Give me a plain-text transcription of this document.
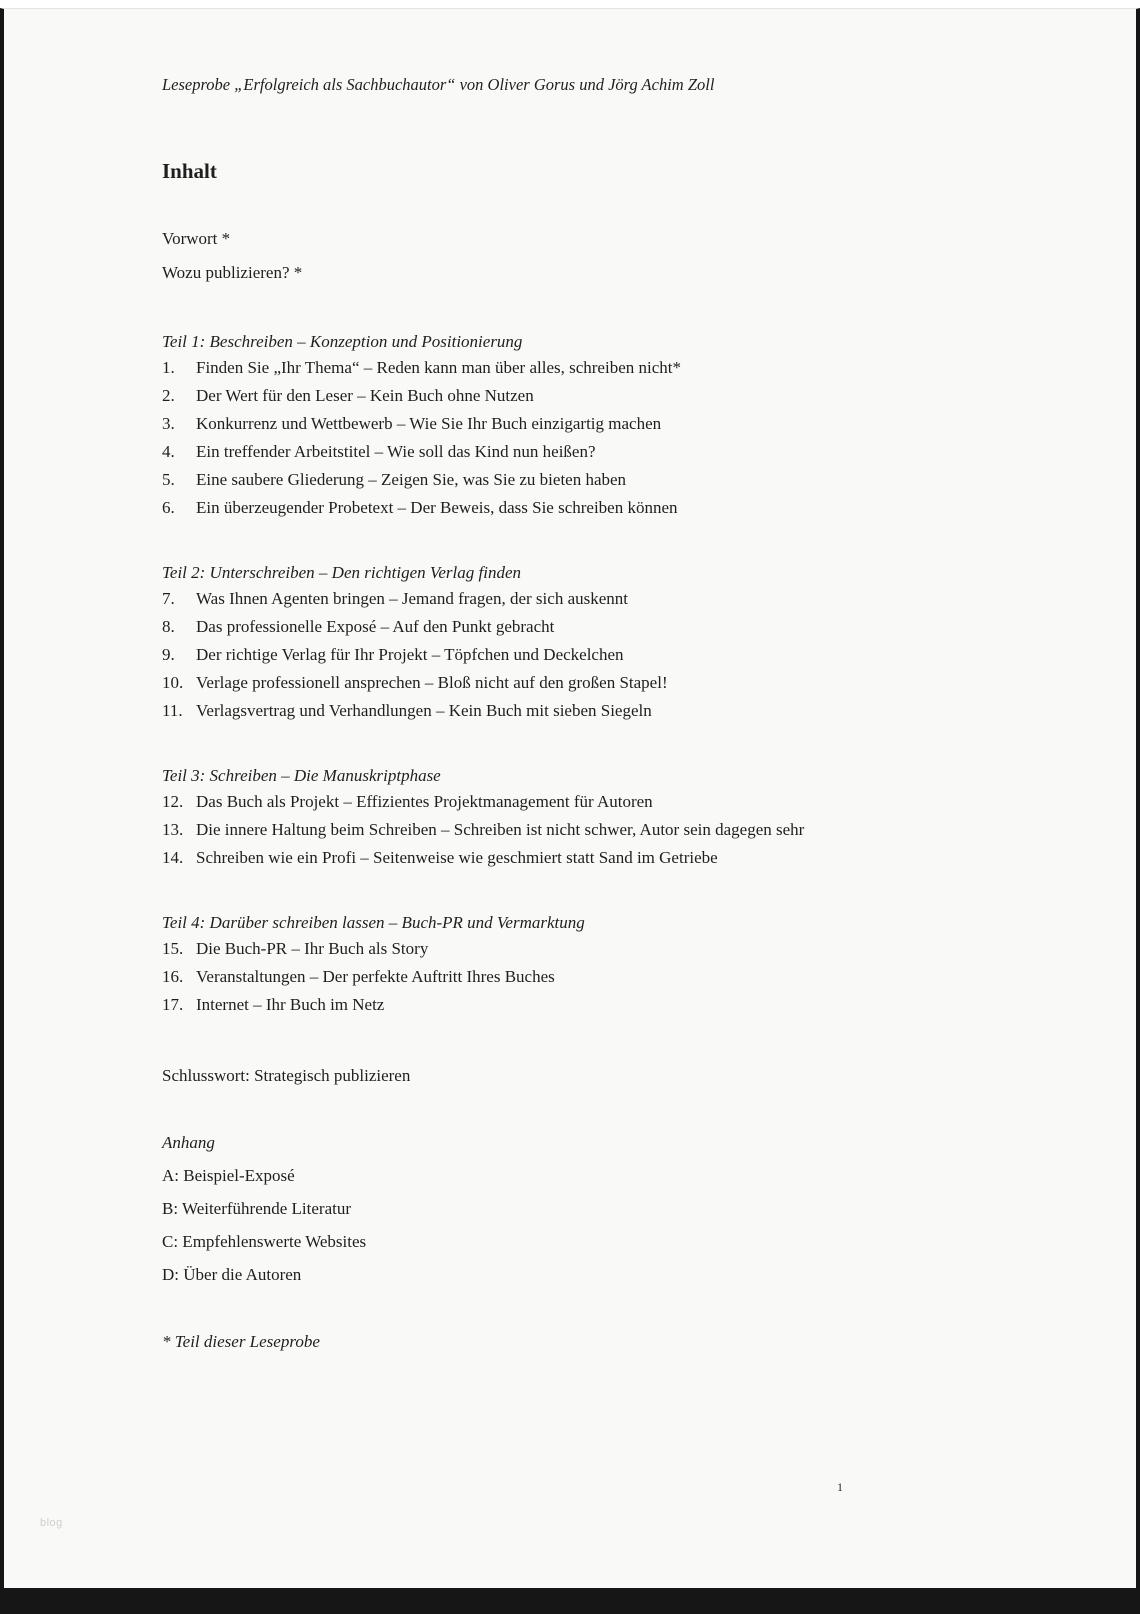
Leseprobe „Erfolgreich als Sachbuchautor“ von Oliver Gorus und Jörg Achim Zoll

Inhalt

Vorwort *

Wozu publizieren? *

Teil 1: Beschreiben – Konzeption und Positionierung
1.	Finden Sie „Ihr Thema“ – Reden kann man über alles, schreiben nicht*
2.	Der Wert für den Leser – Kein Buch ohne Nutzen
3.	Konkurrenz und Wettbewerb – Wie Sie Ihr Buch einzigartig machen
4.	Ein treffender Arbeitstitel – Wie soll das Kind nun heißen?
5.	Eine saubere Gliederung – Zeigen Sie, was Sie zu bieten haben
6.	Ein überzeugender Probetext – Der Beweis, dass Sie schreiben können
Teil 2: Unterschreiben – Den richtigen Verlag finden
7.	Was Ihnen Agenten bringen – Jemand fragen, der sich auskennt
8.	Das professionelle Exposé – Auf den Punkt gebracht
9.	Der richtige Verlag für Ihr Projekt – Töpfchen und Deckelchen
10. Verlage professionell ansprechen – Bloß nicht auf den großen Stapel!
11. Verlagsvertrag und Verhandlungen – Kein Buch mit sieben Siegeln
Teil 3: Schreiben – Die Manuskriptphase
12. Das Buch als Projekt – Effizientes Projektmanagement für Autoren
13. Die innere Haltung beim Schreiben – Schreiben ist nicht schwer, Autor sein dagegen sehr
14. Schreiben wie ein Profi – Seitenweise wie geschmiert statt Sand im Getriebe
Teil 4: Darüber schreiben lassen – Buch-PR und Vermarktung
15. Die Buch-PR – Ihr Buch als Story
16. Veranstaltungen – Der perfekte Auftritt Ihres Buches
17. Internet – Ihr Buch im Netz

Schlusswort: Strategisch publizieren

Anhang

A: Beispiel-Exposé

B: Weiterführende Literatur

C: Empfehlenswerte Websites

D: Über die Autoren

* Teil dieser Leseprobe

1
blog
